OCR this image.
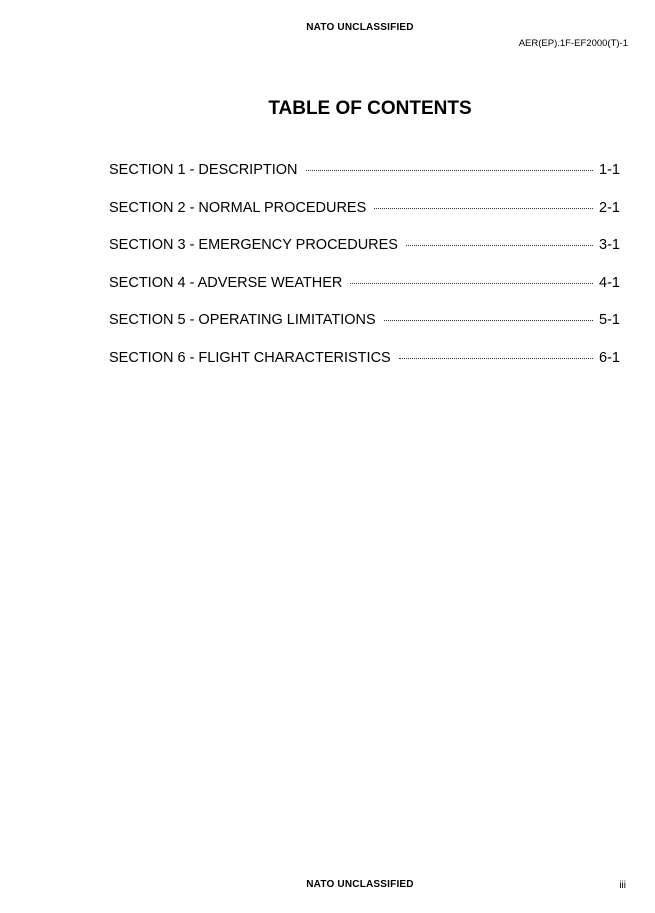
NATO UNCLASSIFIED
AER(EP).1F-EF2000(T)-1
TABLE OF CONTENTS
SECTION 1 - DESCRIPTION	1-1
SECTION 2 - NORMAL PROCEDURES	2-1
SECTION 3 - EMERGENCY PROCEDURES	3-1
SECTION 4 - ADVERSE WEATHER	4-1
SECTION 5 - OPERATING LIMITATIONS	5-1
SECTION 6 - FLIGHT CHARACTERISTICS	6-1
NATO UNCLASSIFIED	iii
